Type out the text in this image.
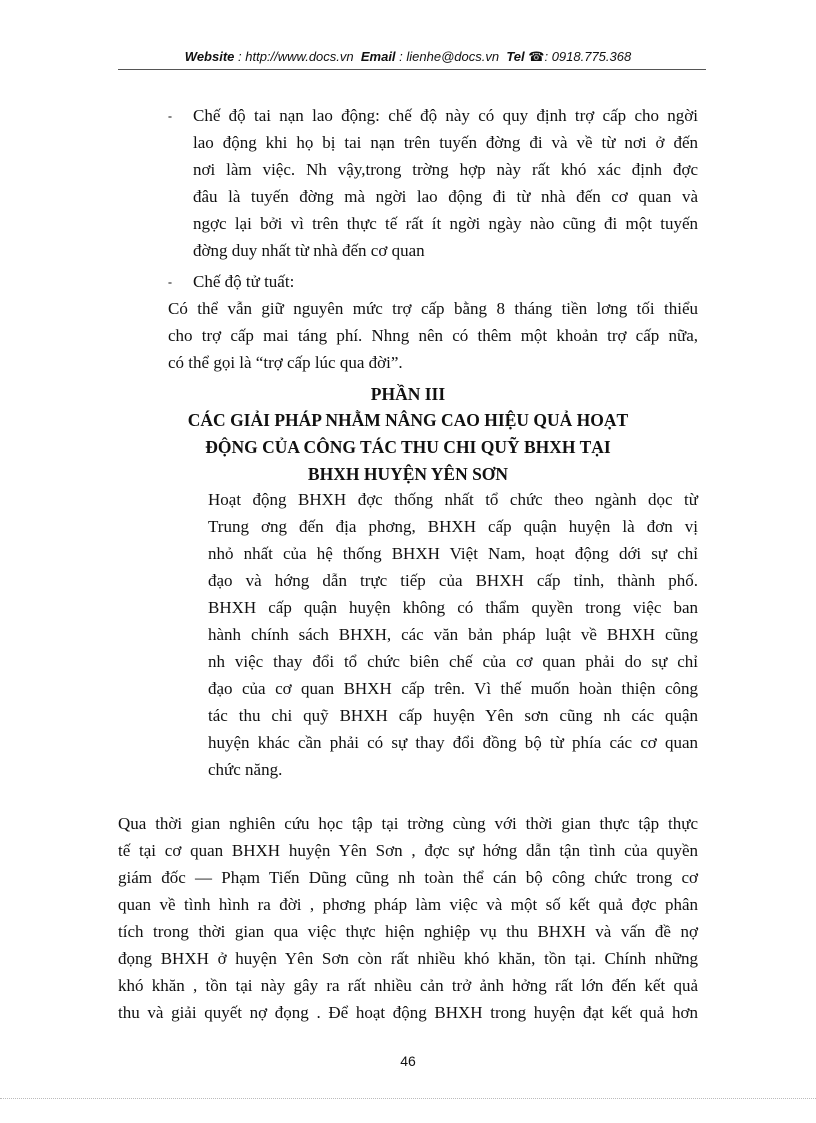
Website : http://www.docs.vn Email : lienhe@docs.vn Tel ☎: 0918.775.368
- Chế độ tai nạn lao động: chế độ này có quy định trợ cấp cho ngời
lao động khi họ bị tai nạn trên tuyến đờng đi và về từ nơi ở đến
nơi làm việc. Nh vậy,trong trờng hợp này rất khó xác định đợc
đâu là tuyến đờng mà ngời lao động đi từ nhà đến cơ quan và
ngợc lại bởi vì trên thực tế rất ít ngời ngày nào cũng đi một tuyến
đờng duy nhất từ nhà đến cơ quan
- Chế độ tử tuất:
Có thể vẫn giữ nguyên mức trợ cấp bằng 8 tháng tiền lơng tối thiểu
cho trợ cấp mai táng phí. Nhng nên có thêm một khoản trợ cấp nữa,
có thể gọi là “trợ cấp lúc qua đời”.
PHẦN III
CÁC GIẢI PHÁP NHẰM NÂNG CAO HIỆU QUẢ HOẠT
ĐỘNG CỦA CÔNG TÁC THU CHI QUỸ BHXH TẠI
BHXH HUYỆN YÊN SƠN
Hoạt động BHXH đợc thống nhất tổ chức theo ngành dọc từ
Trung ơng đến địa phơng, BHXH cấp quận huyện là đơn vị
nhỏ nhất của hệ thống BHXH Việt Nam, hoạt động dới sự chỉ
đạo và hớng dẫn trực tiếp của BHXH cấp tỉnh, thành phố.
BHXH cấp quận huyện không có thẩm quyền trong việc ban
hành chính sách BHXH, các văn bản pháp luật về BHXH cũng
nh việc thay đổi tổ chức biên chế của cơ quan phải do sự chỉ
đạo của cơ quan BHXH cấp trên. Vì thế muốn hoàn thiện công
tác thu chi quỹ BHXH cấp huyện Yên sơn cũng nh các quận
huyện khác cần phải có sự thay đổi đồng bộ từ phía các cơ quan
chức năng.
Qua thời gian nghiên cứu học tập tại trờng cùng với thời gian thực tập thực
tế tại cơ quan BHXH huyện Yên Sơn , đợc sự hớng dẫn tận tình của quyền
giám đốc — Phạm Tiến Dũng cũng nh toàn thể cán bộ công chức trong cơ
quan về tình hình ra đời , phơng pháp làm việc và một số kết quả đợc phân
tích trong thời gian qua việc thực hiện nghiệp vụ thu BHXH và vấn đề nợ
đọng BHXH ở huyện Yên Sơn còn rất nhiều khó khăn, tồn tại. Chính những
khó khăn , tồn tại này gây ra rất nhiều cản trở ảnh hởng rất lớn đến kết quả
thu và giải quyết nợ đọng . Để hoạt động BHXH trong huyện đạt kết quả hơn
46
